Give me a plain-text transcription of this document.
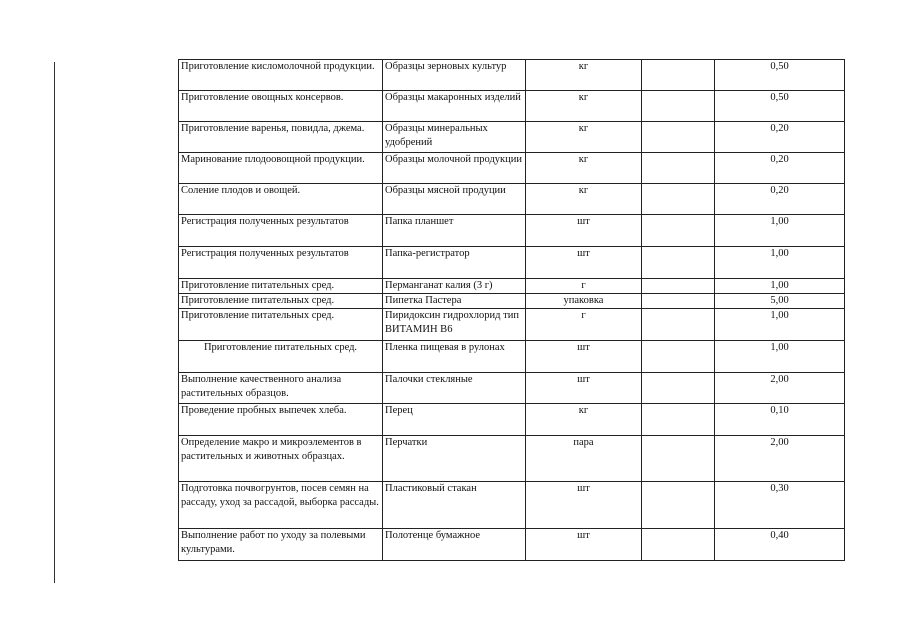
Приготовление кисломолочной продукции.	Образцы зерновых культур	кг		0,50
Приготовление овощных консервов.	Образцы макаронных изделий	кг		0,50
Приготовление варенья, повидла, джема.	Образцы минеральных удобрений	кг		0,20
Маринование плодоовощной продукции.	Образцы молочной продукции	кг		0,20
Соление плодов и овощей.	Образцы мясной продуции	кг		0,20
Регистрация полученных результатов	Папка планшет	шт		1,00
Регистрация полученных результатов	Папка-регистратор	шт		1,00
Приготовление питательных сред.	Перманганат калия (3 г)	г		1,00
Приготовление питательных сред.	Пипетка Пастера	упаковка		5,00
Приготовление питательных сред.	Пиридоксин гидрохлорид тип ВИТАМИН В6	г		1,00
Приготовление питательных сред.	Пленка пищевая в рулонах	шт		1,00
Выполнение качественного анализа растительных образцов.	Палочки стекляные	шт		2,00
Проведение пробных выпечек хлеба.	Перец	кг		0,10
Определение макро и микроэлементов в растительных и животных образцах.	Перчатки	пара		2,00
Подготовка почвогрунтов, посев семян на рассаду, уход за рассадой, выборка рассады.	Пластиковый стакан	шт		0,30
Выполнение работ по уходу за полевыми культурами.	Полотенце бумажное	шт		0,40
